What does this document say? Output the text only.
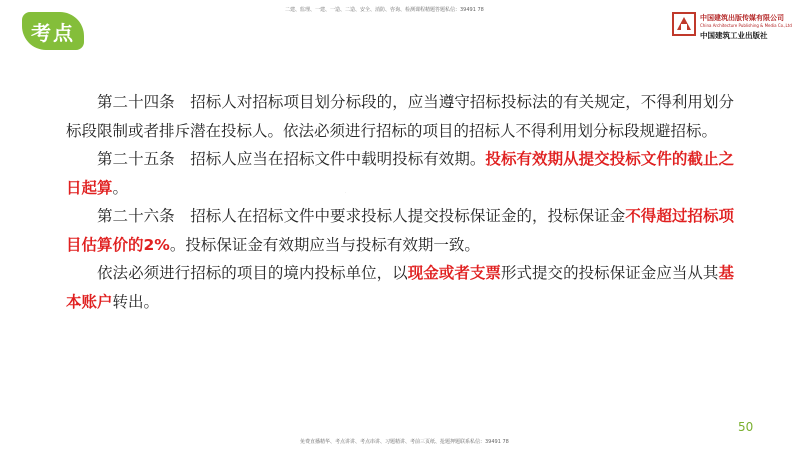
考点
二建、监理、一建、一造、二造、安全、消防、咨询、检测课程精题答题私信：39491 78
中国建筑出版传媒有限公司
China Architecture Publishing & Media Co.,Ltd
中国建筑工业出版社
·

第二十四条　招标人对招标项目划分标段的，应当遵守招标投标法的有关规定，不得利用划分标段限制或者排斥潜在投标人。依法必须进行招标的项目的招标人不得利用划分标段规避招标。

第二十五条　招标人应当在招标文件中载明投标有效期。投标有效期从提交投标文件的截止之日起算。

第二十六条　招标人在招标文件中要求投标人提交投标保证金的，投标保证金不得超过招标项目估算价的2%。投标保证金有效期应当与投标有效期一致。

依法必须进行招标的项目的境内投标单位，以现金或者支票形式提交的投标保证金应当从其基本账户转出。

50
免费直播精华、考点讲讲、考点串讲、习题精讲、考前三页纸、抢题押题联系私信：39491 78
